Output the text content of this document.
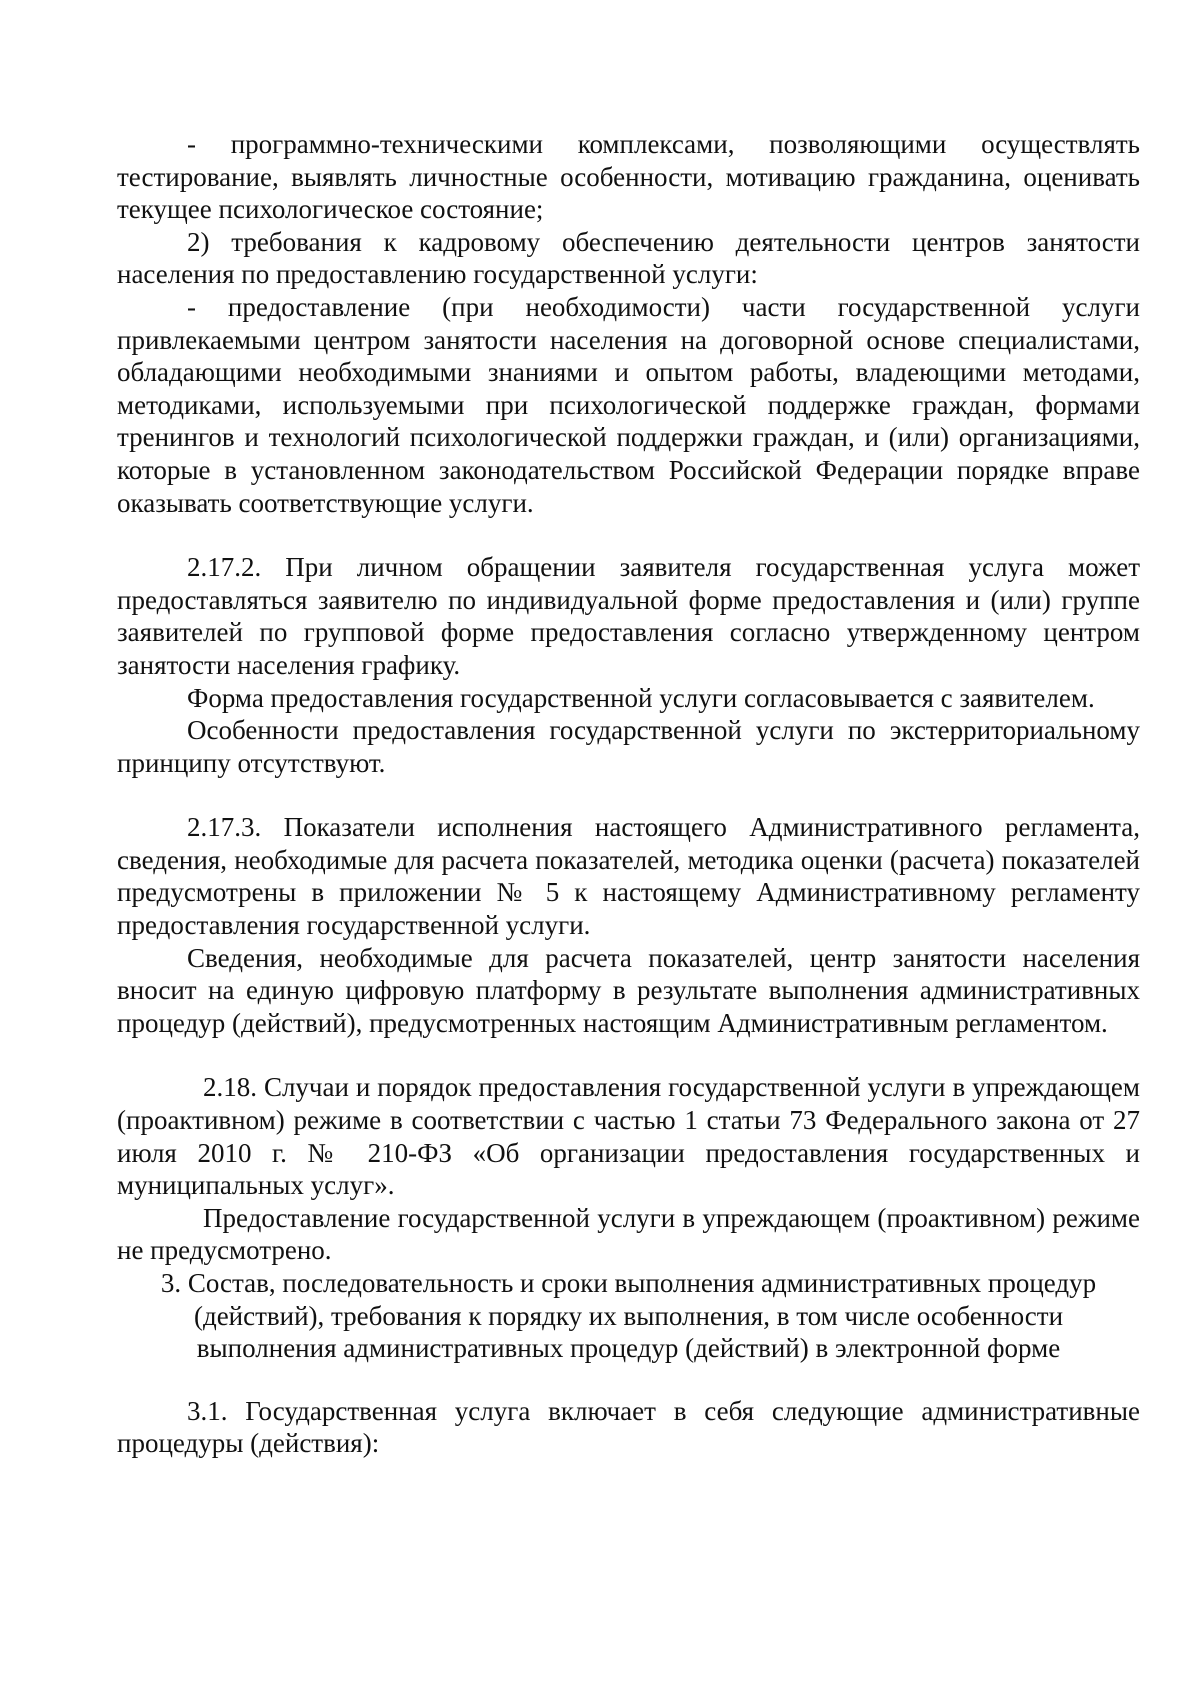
- программно-техническими комплексами, позволяющими осуществлять тестирование, выявлять личностные особенности, мотивацию гражданина, оценивать текущее психологическое состояние;

2) требования к кадровому обеспечению деятельности центров занятости населения по предоставлению государственной услуги:

- предоставление (при необходимости) части государственной услуги привлекаемыми центром занятости населения на договорной основе специалистами, обладающими необходимыми знаниями и опытом работы, владеющими методами, методиками, используемыми при психологической поддержке граждан, формами тренингов и технологий психологической поддержки граждан, и (или) организациями, которые в установленном законодательством Российской Федерации порядке вправе оказывать соответствующие услуги.

2.17.2. При личном обращении заявителя государственная услуга может предоставляться заявителю по индивидуальной форме предоставления и (или) группе заявителей по групповой форме предоставления согласно утвержденному центром занятости населения графику.

Форма предоставления государственной услуги согласовывается с заявителем.

Особенности предоставления государственной услуги по экстерриториальному принципу отсутствуют.

2.17.3. Показатели исполнения настоящего Административного регламента, сведения, необходимые для расчета показателей, методика оценки (расчета) показателей предусмотрены в приложении № 5 к настоящему Административному регламенту предоставления государственной услуги.

Сведения, необходимые для расчета показателей, центр занятости населения вносит на единую цифровую платформу в результате выполнения административных процедур (действий), предусмотренных настоящим Административным регламентом.

2.18. Случаи и порядок предоставления государственной услуги в упреждающем (проактивном) режиме в соответствии с частью 1 статьи 73 Федерального закона от 27 июля 2010 г. № 210-ФЗ «Об организации предоставления государственных и муниципальных услуг».

Предоставление государственной услуги в упреждающем (проактивном) режиме не предусмотрено.

3. Состав, последовательность и сроки выполнения административных процедур (действий), требования к порядку их выполнения, в том числе особенности выполнения административных процедур (действий) в электронной форме

3.1. Государственная услуга включает в себя следующие административные процедуры (действия):
